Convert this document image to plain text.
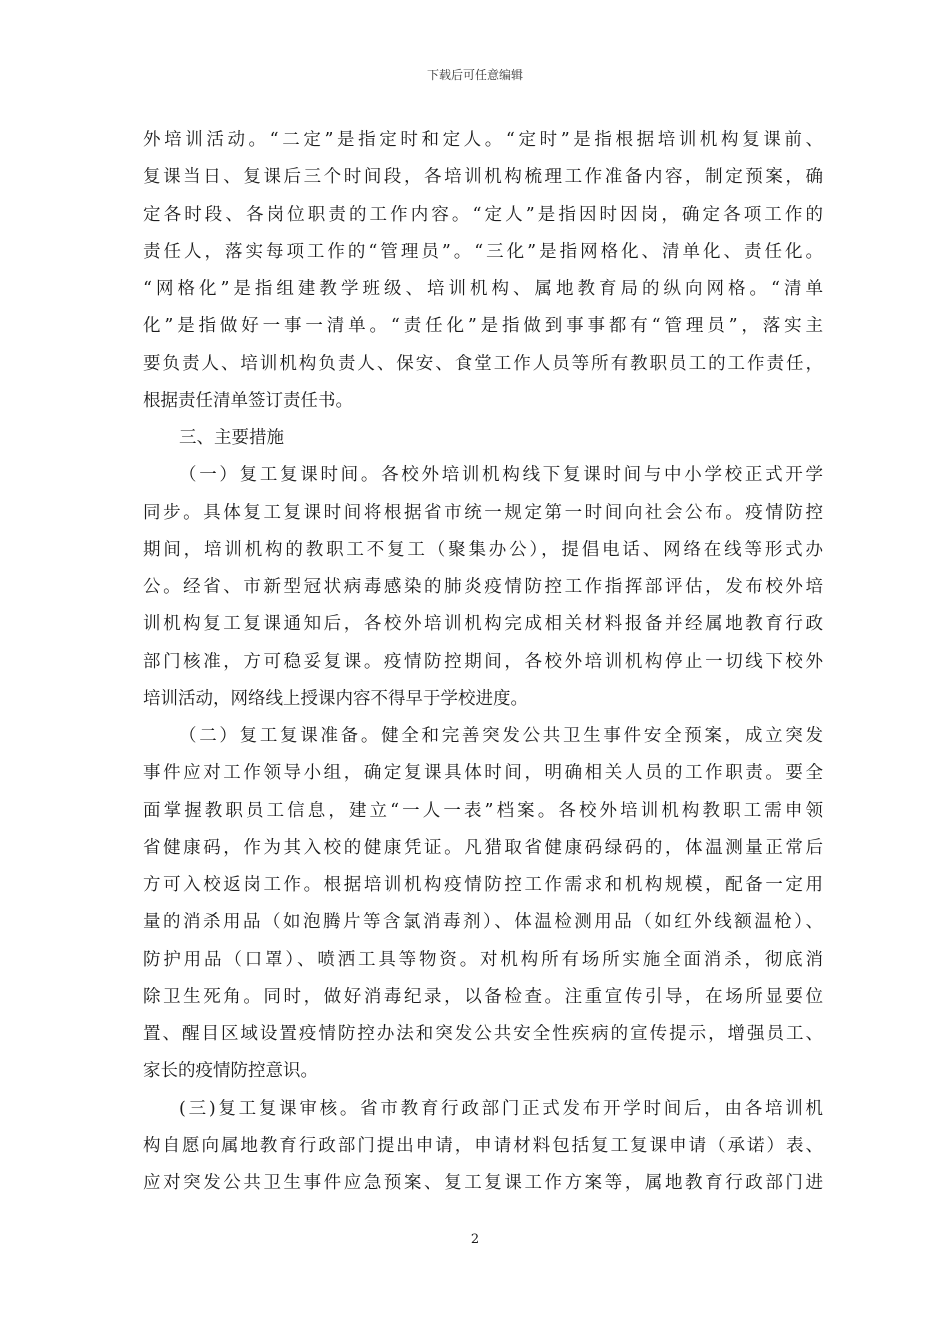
下载后可任意编辑
外培训活动。“二定”是指定时和定人。“定时”是指根据培训机构复课前、
复课当日、复课后三个时间段，各培训机构梳理工作准备内容，制定预案，确
定各时段、各岗位职责的工作内容。“定人”是指因时因岗，确定各项工作的
责任人，落实每项工作的“管理员”。“三化”是指网格化、清单化、责任化。
“网格化”是指组建教学班级、培训机构、属地教育局的纵向网格。“清单
化”是指做好一事一清单。“责任化”是指做到事事都有“管理员”，落实主
要负责人、培训机构负责人、保安、食堂工作人员等所有教职员工的工作责任，
根据责任清单签订责任书。
三、主要措施
（一）复工复课时间。各校外培训机构线下复课时间与中小学校正式开学
同步。具体复工复课时间将根据省市统一规定第一时间向社会公布。疫情防控
期间，培训机构的教职工不复工（聚集办公），提倡电话、网络在线等形式办
公。经省、市新型冠状病毒感染的肺炎疫情防控工作指挥部评估，发布校外培
训机构复工复课通知后，各校外培训机构完成相关材料报备并经属地教育行政
部门核准，方可稳妥复课。疫情防控期间，各校外培训机构停止一切线下校外
培训活动，网络线上授课内容不得早于学校进度。
（二）复工复课准备。健全和完善突发公共卫生事件安全预案，成立突发
事件应对工作领导小组，确定复课具体时间，明确相关人员的工作职责。要全
面掌握教职员工信息，建立“一人一表”档案。各校外培训机构教职工需申领
省健康码，作为其入校的健康凭证。凡猎取省健康码绿码的，体温测量正常后
方可入校返岗工作。根据培训机构疫情防控工作需求和机构规模，配备一定用
量的消杀用品（如泡腾片等含氯消毒剂）、体温检测用品（如红外线额温枪）、
防护用品（口罩）、喷洒工具等物资。对机构所有场所实施全面消杀，彻底消
除卫生死角。同时，做好消毒纪录，以备检查。注重宣传引导，在场所显要位
置、醒目区域设置疫情防控办法和突发公共安全性疾病的宣传提示，增强员工、
家长的疫情防控意识。
(三)复工复课审核。省市教育行政部门正式发布开学时间后，由各培训机
构自愿向属地教育行政部门提出申请，申请材料包括复工复课申请（承诺）表、
应对突发公共卫生事件应急预案、复工复课工作方案等，属地教育行政部门进
2
